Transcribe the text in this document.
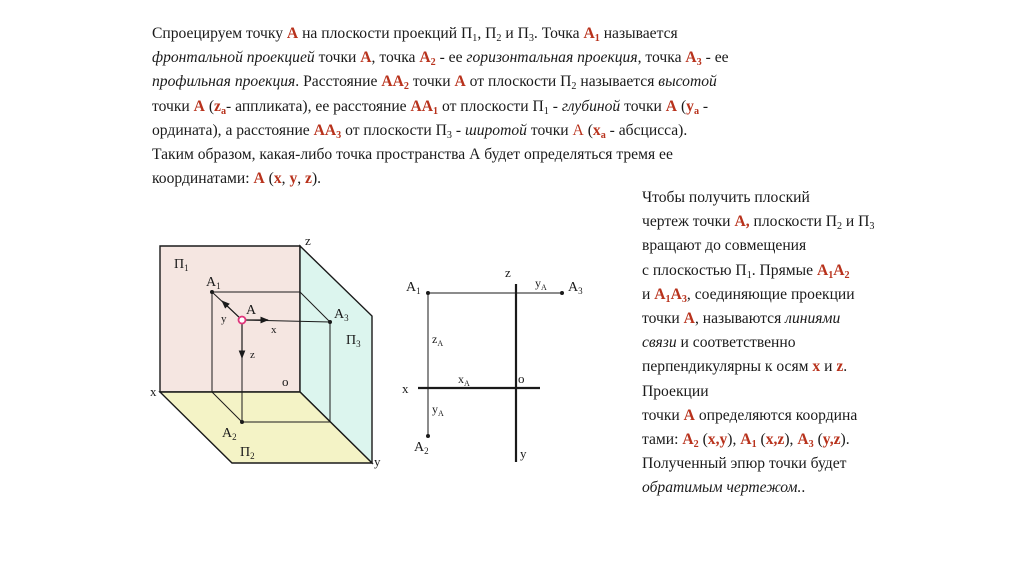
Спроецируем точку А на плоскости проекций $П_1$, $П_2$ и $П_3$. Точка $А_1$ называется
фронтальной проекцией точки А, точка $А_2$ - ее горизонтальная проекция, точка $А_3$ - ее
профильная проекция. Расстояние $АА_2$ точки А от плоскости $П_2$ называется высотой
точки А ($z_a-$ аппликата), ее расстояние $АА_1$ от плоскости $П_1$ - глубиной точки А ($y_a$ -
ордината), а расстояние $АА_3$ от плоскости $П_3$ - широтой точки А ($x_a$ - абсцисса).
Таким образом, какая-либо точка пространства А будет определяться тремя ее
координатами: А (x, y, z).
Чтобы получить плоский
чертеж точки А, плоскости $П_2$ и $П_3$
вращают до совмещения
с плоскостью $П_1$. Прямые $А_1А_2$
и $А_1А_3$, соединяющие проекции
точки А, называются линиями
связи и соответственно
перпендикулярны к осям x и z.
Проекции
точки А определяются координа
тами: $А_2$ (x,y), $А_1$ (x,z), $А_3$ (y,z).
Полученный эпюр точки будет
обратимым чертежом..
$П_1$
$П_2$
$П_3$
z
x
y
o
A
$A_1$
$A_2$
$A_3$
y
x
z
z
x
y
o
$y_A$
$z_A$
$x_A$
$y_A$
$A_1$
$A_2$
$A_3$
